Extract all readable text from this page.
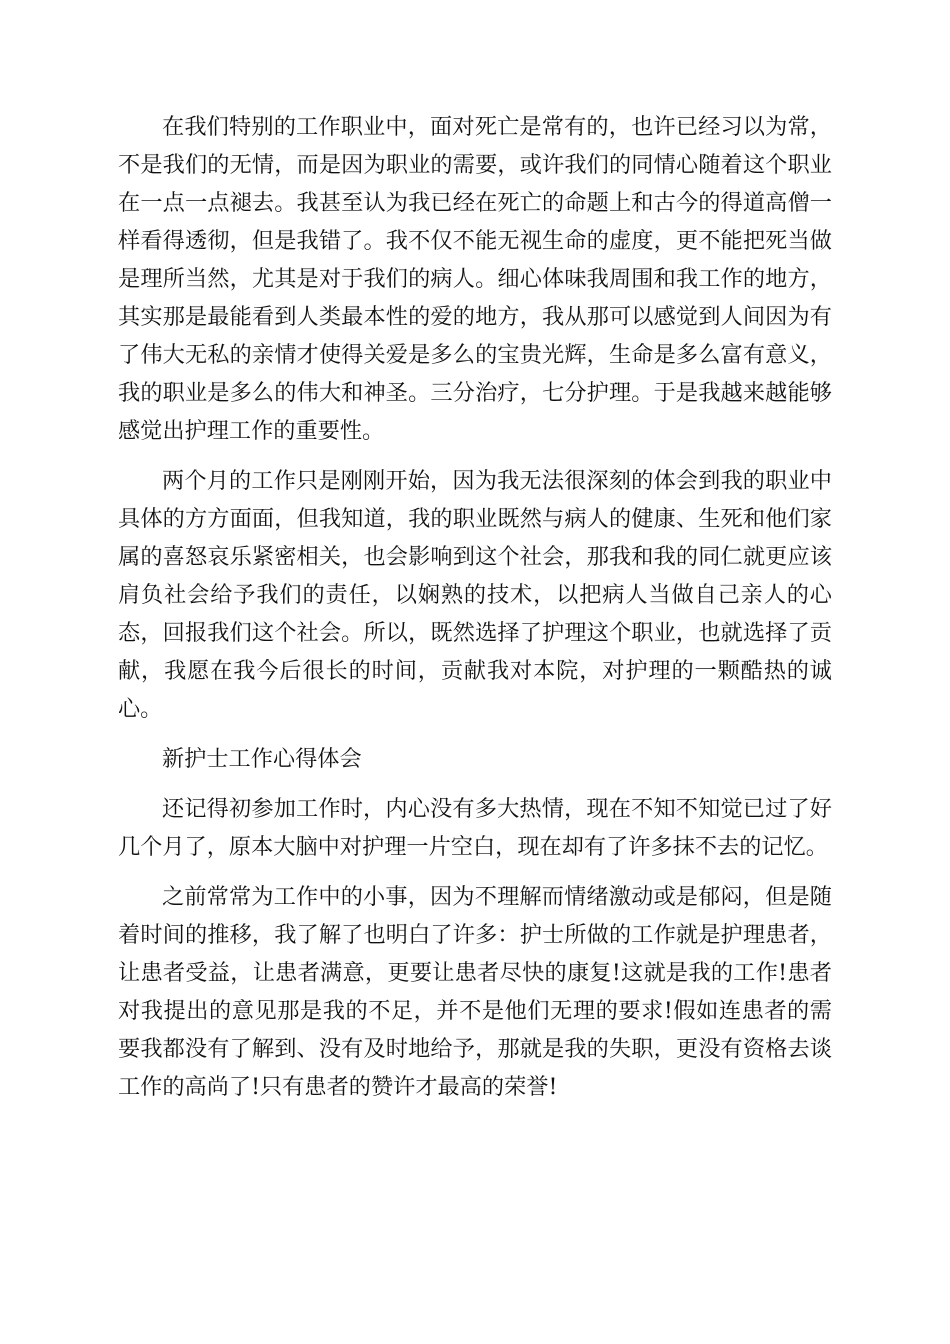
在我们特别的工作职业中，面对死亡是常有的，也许已经习以为常，不是我们的无情，而是因为职业的需要，或许我们的同情心随着这个职业在一点一点褪去。我甚至认为我已经在死亡的命题上和古今的得道高僧一样看得透彻，但是我错了。我不仅不能无视生命的虚度，更不能把死当做是理所当然，尤其是对于我们的病人。细心体味我周围和我工作的地方，其实那是最能看到人类最本性的爱的地方，我从那可以感觉到人间因为有了伟大无私的亲情才使得关爱是多么的宝贵光辉，生命是多么富有意义，我的职业是多么的伟大和神圣。三分治疗，七分护理。于是我越来越能够感觉出护理工作的重要性。

两个月的工作只是刚刚开始，因为我无法很深刻的体会到我的职业中具体的方方面面，但我知道，我的职业既然与病人的健康、生死和他们家属的喜怒哀乐紧密相关，也会影响到这个社会，那我和我的同仁就更应该肩负社会给予我们的责任，以娴熟的技术，以把病人当做自己亲人的心态，回报我们这个社会。所以，既然选择了护理这个职业，也就选择了贡献，我愿在我今后很长的时间，贡献我对本院，对护理的一颗酷热的诚心。

新护士工作心得体会

还记得初参加工作时，内心没有多大热情，现在不知不知觉已过了好几个月了，原本大脑中对护理一片空白，现在却有了许多抹不去的记忆。

之前常常为工作中的小事，因为不理解而情绪激动或是郁闷，但是随着时间的推移，我了解了也明白了许多：护士所做的工作就是护理患者，让患者受益，让患者满意，更要让患者尽快的康复!这就是我的工作!患者对我提出的意见那是我的不足，并不是他们无理的要求!假如连患者的需要我都没有了解到、没有及时地给予，那就是我的失职，更没有资格去谈工作的高尚了!只有患者的赞许才最高的荣誉!
